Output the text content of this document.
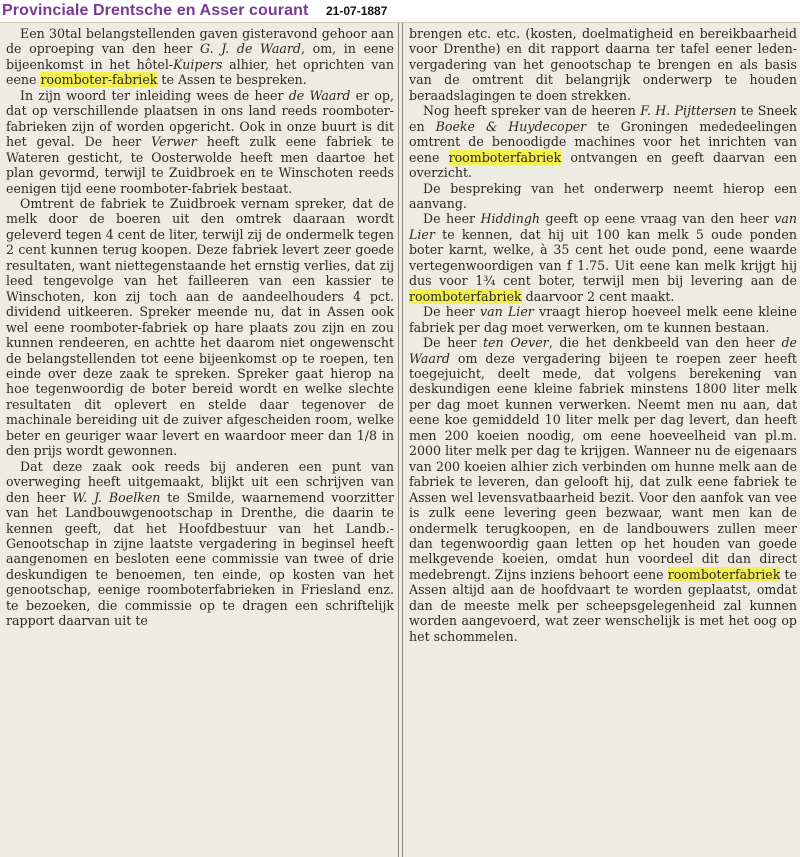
Provinciale Drentsche en Asser courant 21-07-1887

Een 30tal belangstellenden gaven gisteravond gehoor aan de oproeping van den heer G. J. de Waard, om, in eene bijeenkomst in het hôtel-Kuipers alhier, het oprichten van eene roomboter-fabriek te Assen te bespreken.

In zijn woord ter inleiding wees de heer de Waard er op, dat op verschillende plaatsen in ons land reeds roomboter-fabrieken zijn of worden opgericht. Ook in onze buurt is dit het geval. De heer Verwer heeft zulk eene fabriek te Wateren gesticht, te Oosterwolde heeft men daartoe het plan gevormd, terwijl te Zuidbroek en te Winschoten reeds eenigen tijd eene roomboter-fabriek bestaat.

Omtrent de fabriek te Zuidbroek vernam spreker, dat de melk door de boeren uit den omtrek daaraan wordt geleverd tegen 4 cent de liter, terwijl zij de ondermelk tegen 2 cent kunnen terug koopen. Deze fabriek levert zeer goede resultaten, want niettegenstaande het ernstig verlies, dat zij leed tengevolge van het failleeren van een kassier te Winschoten, kon zij toch aan de aandeelhouders 4 pct. dividend uitkeeren. Spreker meende nu, dat in Assen ook wel eene roomboter-fabriek op hare plaats zou zijn en zou kunnen rendeeren, en achtte het daarom niet ongewenscht de belangstellenden tot eene bijeenkomst op te roepen, ten einde over deze zaak te spreken. Spreker gaat hierop na hoe tegenwoordig de boter bereid wordt en welke slechte resultaten dit oplevert en stelde daar tegenover de machinale bereiding uit de zuiver afgescheiden room, welke beter en geuriger waar levert en waardoor meer dan 1/8 in den prijs wordt gewonnen.

Dat deze zaak ook reeds bij anderen een punt van overweging heeft uitgemaakt, blijkt uit een schrijven van den heer W. J. Boelken te Smilde, waarnemend voorzitter van het Landbouwgenootschap in Drenthe, die daarin te kennen geeft, dat het Hoofdbestuur van het Landb.-Genootschap in zijne laatste vergadering in beginsel heeft aangenomen en besloten eene commissie van twee of drie deskundigen te benoemen, ten einde, op kosten van het genootschap, eenige roomboterfabrieken in Friesland enz. te bezoeken, die commissie op te dragen een schriftelijk rapport daarvan uit te

brengen etc. etc. (kosten, doelmatigheid en bereikbaarheid voor Drenthe) en dit rapport daarna ter tafel eener leden-vergadering van het genootschap te brengen en als basis van de omtrent dit belangrijk onderwerp te houden beraadslagingen te doen strekken.

Nog heeft spreker van de heeren F. H. Pijttersen te Sneek en Boeke & Huydecoper te Groningen mededeelingen omtrent de benoodigde machines voor het inrichten van eene roomboterfabriek ontvangen en geeft daarvan een overzicht.

De bespreking van het onderwerp neemt hierop een aanvang.

De heer Hiddingh geeft op eene vraag van den heer van Lier te kennen, dat hij uit 100 kan melk 5 oude ponden boter karnt, welke, à 35 cent het oude pond, eene waarde vertegenwoordigen van f 1.75. Uit eene kan melk krijgt hij dus voor 1¾ cent boter, terwijl men bij levering aan de roomboterfabriek daarvoor 2 cent maakt.

De heer van Lier vraagt hierop hoeveel melk eene kleine fabriek per dag moet verwerken, om te kunnen bestaan.

De heer ten Oever, die het denkbeeld van den heer de Waard om deze vergadering bijeen te roepen zeer heeft toegejuicht, deelt mede, dat volgens berekening van deskundigen eene kleine fabriek minstens 1800 liter melk per dag moet kunnen verwerken. Neemt men nu aan, dat eene koe gemiddeld 10 liter melk per dag levert, dan heeft men 200 koeien noodig, om eene hoeveelheid van pl.m. 2000 liter melk per dag te krijgen. Wanneer nu de eigenaars van 200 koeien alhier zich verbinden om hunne melk aan de fabriek te leveren, dan gelooft hij, dat zulk eene fabriek te Assen wel levensvatbaarheid bezit. Voor den aanfok van vee is zulk eene levering geen bezwaar, want men kan de ondermelk terugkoopen, en de landbouwers zullen meer dan tegenwoordig gaan letten op het houden van goede melkgevende koeien, omdat hun voordeel dit dan direct medebrengt. Zijns inziens behoort eene roomboterfabriek te Assen altijd aan de hoofdvaart te worden geplaatst, omdat dan de meeste melk per scheepsgelegenheid zal kunnen worden aangevoerd, wat zeer wenschelijk is met het oog op het schommelen.
